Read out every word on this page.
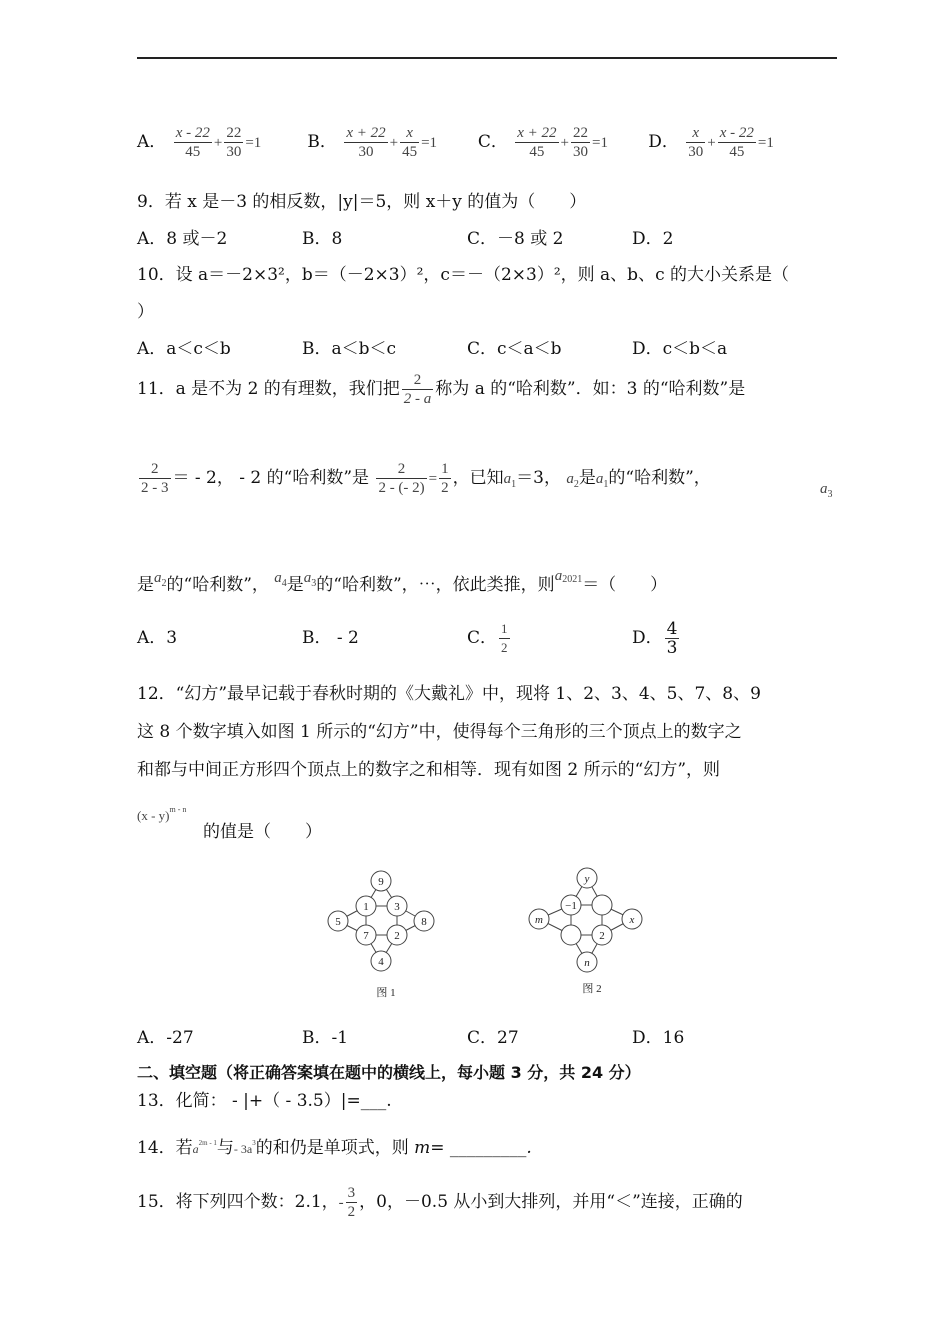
A． $\frac{x - 22}{45} + \frac{22}{30} =1$	B． $\frac{x + 22}{30} + \frac{x}{45} =1$ C． $\frac{x + 22}{45} + \frac{22}{30} =1$ D． $\frac{x}{30} + \frac{x - 22}{45} =1$
9．若 x 是－3 的相反数，|y|＝5，则 x＋y 的值为（　　）
A．8 或－2	B．8	C．－8 或 2	D．2
10．设 a＝－2×3²，b＝（－2×3）²，c＝－（2×3）²，则 a、b、c 的大小关系是（
）
A．a＜c＜b	B．a＜b＜c	C．c＜a＜b	D．c＜b＜a
11．a 是不为 2 的有理数，我们把 $\frac{2}{2 - a}$ 称为 a 的“哈利数”．如：3 的“哈利数”是
$\frac{2}{2 - 3}$ ＝ - 2， - 2 的“哈利数”是 $\frac{2}{2 - (- 2)} = \frac{1}{2}$ ，已知$a_1=3$， $a_2$是$a_1$的“哈利数”，
$a_3$
是$a^2$的“哈利数”， $a^4$是$a^3$的“哈利数”，⋯，依此类推，则$a^{2021}=$（　　）
A．3	B． - 2	C． $\frac{1}{2}$	D． $\frac{4}{3}$
12．“幻方”最早记载于春秋时期的《大戴礼》中，现将 1、2、3、4、5、7、8、9
这 8 个数字填入如图 1 所示的“幻方”中，使得每个三角形的三个顶点上的数字之
和都与中间正方形四个顶点上的数字之和相等．现有如图 2 所示的“幻方”，则
(x - y)$^{m - n}$
的值是（　　）
9
1 3
5	8
7 2
4
图 1
y
−1
m	x
2
n
图 2
A．-27	B．-1	C．27	D．16
二、填空题（将正确答案填在题中的横线上，每小题 3 分，共 24 分）
13．化简： - |+（ - 3.5）|=___.
14．若$a^{2m - 1}$与- $3a^3$的和仍是单项式，则 m= _________.
15．将下列四个数：2.1，- $\frac{3}{2}$ ，0，－0.5 从小到大排列，并用“＜”连接，正确的
